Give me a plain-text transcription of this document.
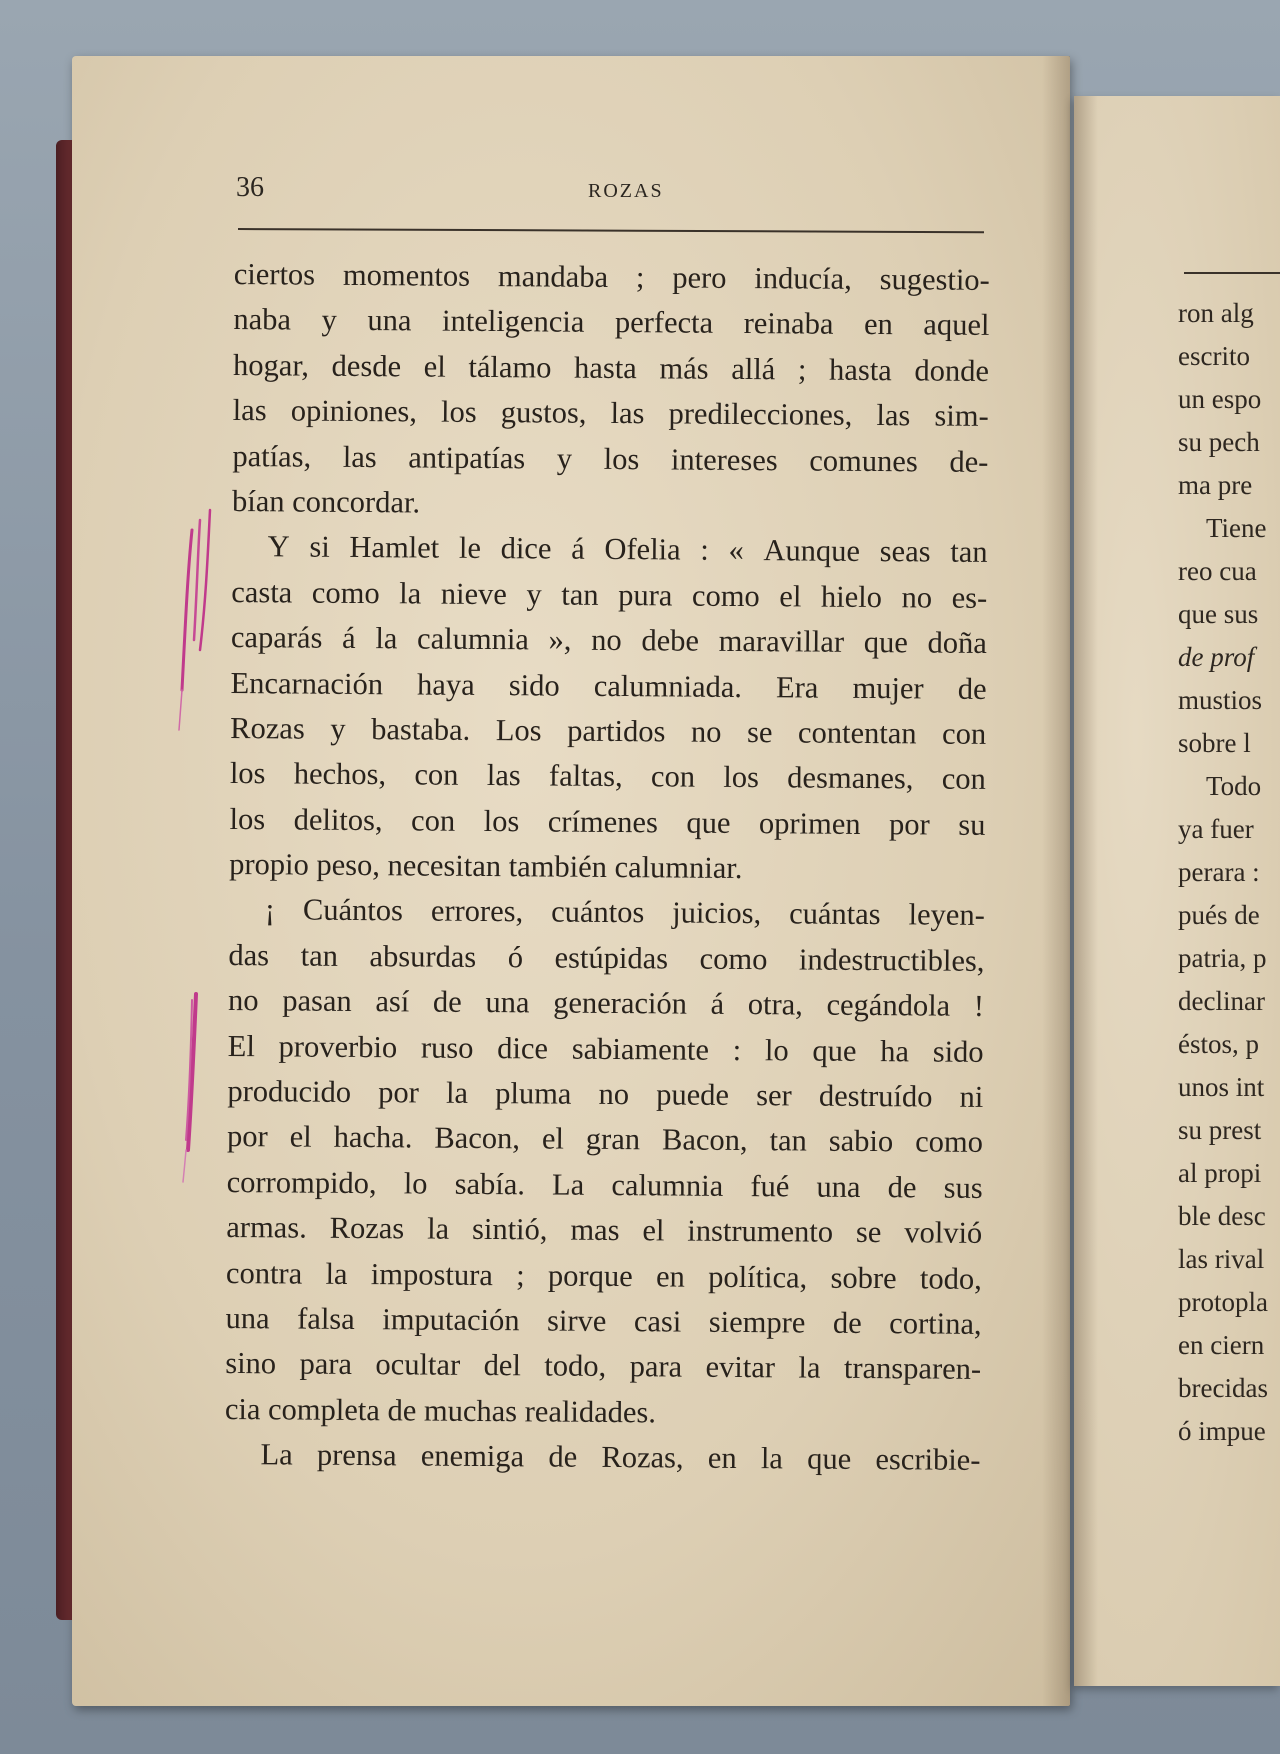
ron alg
escrito
un espo
su pech
ma pre
Tiene
reo cua
que sus
de prof
mustios
sobre l
Todo
ya fuer
perara :
pués de
patria, p
declinar
éstos, p
unos int
su prest
al propi
ble desc
las rival
protopla
en ciern
brecidas
ó impue
36	ROZAS
ciertos momentos mandaba ; pero inducía, sugestio-
naba y una inteligencia perfecta reinaba en aquel
hogar, desde el tálamo hasta más allá ; hasta donde
las opiniones, los gustos, las predilecciones, las sim-
patías, las antipatías y los intereses comunes de-
bían concordar.
Y si Hamlet le dice á Ofelia : « Aunque seas tan
casta como la nieve y tan pura como el hielo no es-
caparás á la calumnia », no debe maravillar que doña
Encarnación haya sido calumniada. Era mujer de
Rozas y bastaba. Los partidos no se contentan con
los hechos, con las faltas, con los desmanes, con
los delitos, con los crímenes que oprimen por su
propio peso, necesitan también calumniar.
¡ Cuántos errores, cuántos juicios, cuántas leyen-
das tan absurdas ó estúpidas como indestructibles,
no pasan así de una generación á otra, cegándola !
El proverbio ruso dice sabiamente : lo que ha sido
producido por la pluma no puede ser destruído ni
por el hacha. Bacon, el gran Bacon, tan sabio como
corrompido, lo sabía. La calumnia fué una de sus
armas. Rozas la sintió, mas el instrumento se volvió
contra la impostura ; porque en política, sobre todo,
una falsa imputación sirve casi siempre de cortina,
sino para ocultar del todo, para evitar la transparen-
cia completa de muchas realidades.
La prensa enemiga de Rozas, en la que escribie-
